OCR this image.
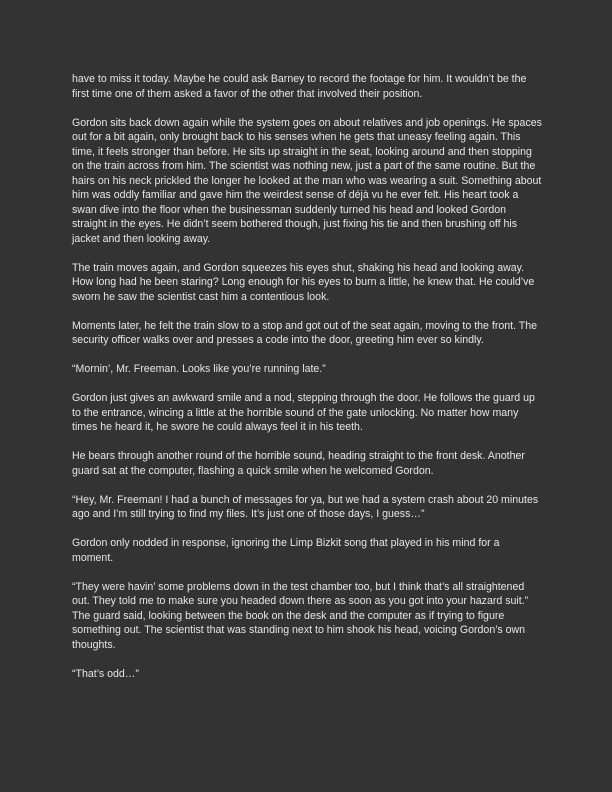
have to miss it today. Maybe he could ask Barney to record the footage for him. It wouldn’t be the first time one of them asked a favor of the other that involved their position.

Gordon sits back down again while the system goes on about relatives and job openings. He spaces out for a bit again, only brought back to his senses when he gets that uneasy feeling again. This time, it feels stronger than before. He sits up straight in the seat, looking around and then stopping on the train across from him. The scientist was nothing new, just a part of the same routine. But the hairs on his neck prickled the longer he looked at the man who was wearing a suit. Something about him was oddly familiar and gave him the weirdest sense of déjà vu he ever felt. His heart took a swan dive into the floor when the businessman suddenly turned his head and looked Gordon straight in the eyes. He didn’t seem bothered though, just fixing his tie and then brushing off his jacket and then looking away.

The train moves again, and Gordon squeezes his eyes shut, shaking his head and looking away. How long had he been staring? Long enough for his eyes to burn a little, he knew that. He could’ve sworn he saw the scientist cast him a contentious look.

Moments later, he felt the train slow to a stop and got out of the seat again, moving to the front. The security officer walks over and presses a code into the door, greeting him ever so kindly.

“Mornin’, Mr. Freeman. Looks like you’re running late.”

Gordon just gives an awkward smile and a nod, stepping through the door. He follows the guard up to the entrance, wincing a little at the horrible sound of the gate unlocking. No matter how many times he heard it, he swore he could always feel it in his teeth.

He bears through another round of the horrible sound, heading straight to the front desk. Another guard sat at the computer, flashing a quick smile when he welcomed Gordon.

“Hey, Mr. Freeman! I had a bunch of messages for ya, but we had a system crash about 20 minutes ago and I’m still trying to find my files. It’s just one of those days, I guess…”

Gordon only nodded in response, ignoring the Limp Bizkit song that played in his mind for a moment.

“They were havin’ some problems down in the test chamber too, but I think that’s all straightened out. They told me to make sure you headed down there as soon as you got into your hazard suit.” The guard said, looking between the book on the desk and the computer as if trying to figure something out. The scientist that was standing next to him shook his head, voicing Gordon’s own thoughts.

“That’s odd…”
